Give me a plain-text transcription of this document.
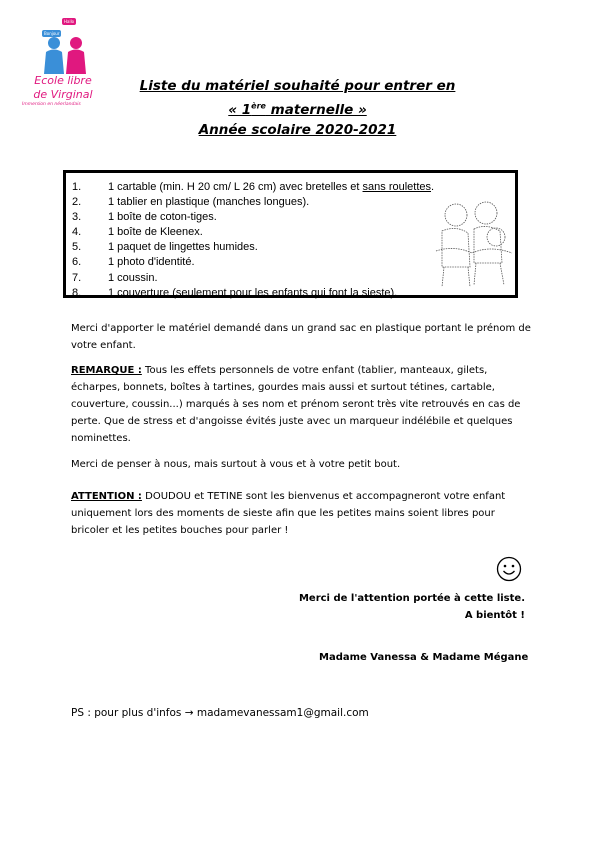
Bonjour
Hallo
Ecole libre
de Virginal
Immersion en néerlandais
Liste du matériel souhaité pour entrer en
« 1ère maternelle »
Année scolaire 2020-2021
1. 1 cartable (min. H 20 cm/ L 26 cm) avec bretelles et sans roulettes.
2. 1 tablier en plastique (manches longues).
3. 1 boîte de coton-tiges.
4. 1 boîte de Kleenex.
5. 1 paquet de lingettes humides.
6. 1 photo d'identité.
7. 1 coussin.
8. 1 couverture (seulement pour les enfants qui font la sieste).
Merci d'apporter le matériel demandé dans un grand sac en plastique portant le prénom de votre enfant.
REMARQUE : Tous les effets personnels de votre enfant (tablier, manteaux, gilets, écharpes, bonnets, boîtes à tartines, gourdes mais aussi et surtout tétines, cartable, couverture, coussin...) marqués à ses nom et prénom seront très vite retrouvés en cas de perte. Que de stress et d'angoisse évités juste avec un marqueur indélébile et quelques nominettes.
Merci de penser à nous, mais surtout à vous et à votre petit bout.
ATTENTION : DOUDOU et TETINE sont les bienvenus et accompagneront votre enfant uniquement lors des moments de sieste afin que les petites mains soient libres pour bricoler et les petites bouches pour parler !
Merci de l'attention portée à cette liste.
A bientôt !
Madame Vanessa & Madame Mégane
PS : pour plus d'infos → madamevanessam1@gmail.com
